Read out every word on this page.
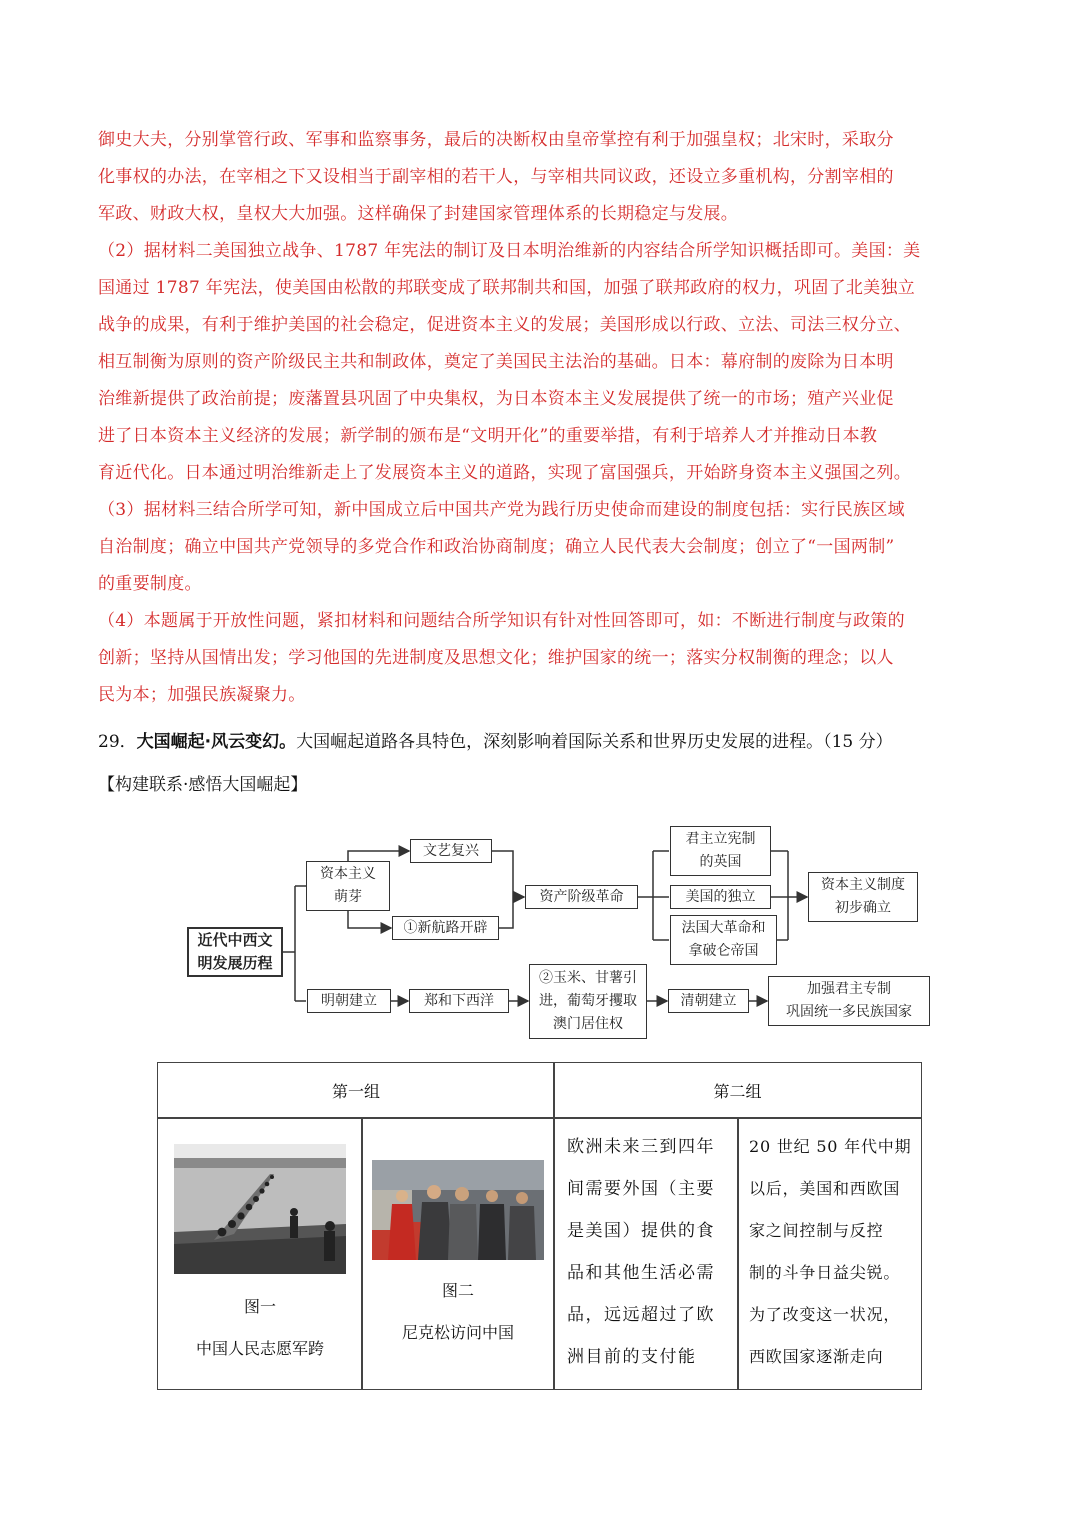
御史大夫，分别掌管行政、军事和监察事务，最后的决断权由皇帝掌控有利于加强皇权；北宋时，采取分
化事权的办法，在宰相之下又设相当于副宰相的若干人，与宰相共同议政，还设立多重机构，分割宰相的
军政、财政大权，皇权大大加强。这样确保了封建国家管理体系的长期稳定与发展。
（2）据材料二美国独立战争、1787 年宪法的制订及日本明治维新的内容结合所学知识概括即可。美国：美
国通过 1787 年宪法，使美国由松散的邦联变成了联邦制共和国，加强了联邦政府的权力，巩固了北美独立
战争的成果，有利于维护美国的社会稳定，促进资本主义的发展；美国形成以行政、立法、司法三权分立、
相互制衡为原则的资产阶级民主共和制政体，奠定了美国民主法治的基础。日本：幕府制的废除为日本明
治维新提供了政治前提；废藩置县巩固了中央集权，为日本资本主义发展提供了统一的市场；殖产兴业促
进了日本资本主义经济的发展；新学制的颁布是“文明开化”的重要举措，有利于培养人才并推动日本教
育近代化。日本通过明治维新走上了发展资本主义的道路，实现了富国强兵，开始跻身资本主义强国之列。
（3）据材料三结合所学可知，新中国成立后中国共产党为践行历史使命而建设的制度包括：实行民族区域
自治制度；确立中国共产党领导的多党合作和政治协商制度；确立人民代表大会制度；创立了“一国两制”
的重要制度。
（4）本题属于开放性问题，紧扣材料和问题结合所学知识有针对性回答即可，如：不断进行制度与政策的
创新；坚持从国情出发；学习他国的先进制度及思想文化；维护国家的统一；落实分权制衡的理念；以人
民为本；加强民族凝聚力。
29．大国崛起·风云变幻。大国崛起道路各具特色，深刻影响着国际关系和世界历史发展的进程。（15 分）
【构建联系·感悟大国崛起】
近代中西文
明发展历程
资本主义
萌芽
文艺复兴
①新航路开辟
资产阶级革命
君主立宪制
的英国
美国的独立
法国大革命和
拿破仑帝国
资本主义制度
初步确立
明朝建立	郑和下西洋
②玉米、甘薯引
进，葡萄牙攫取
澳门居住权
清朝建立
加强君主专制
巩固统一多民族国家
第一组	第二组
图一
中国人民志愿军跨
图二
尼克松访问中国
欧洲未来三到四年
间需要外国（主要
是美国）提供的食
品和其他生活必需
品，远远超过了欧
洲目前的支付能
20 世纪 50 年代中期
以后，美国和西欧国
家之间控制与反控
制的斗争日益尖锐。
为了改变这一状况，
西欧国家逐渐走向
